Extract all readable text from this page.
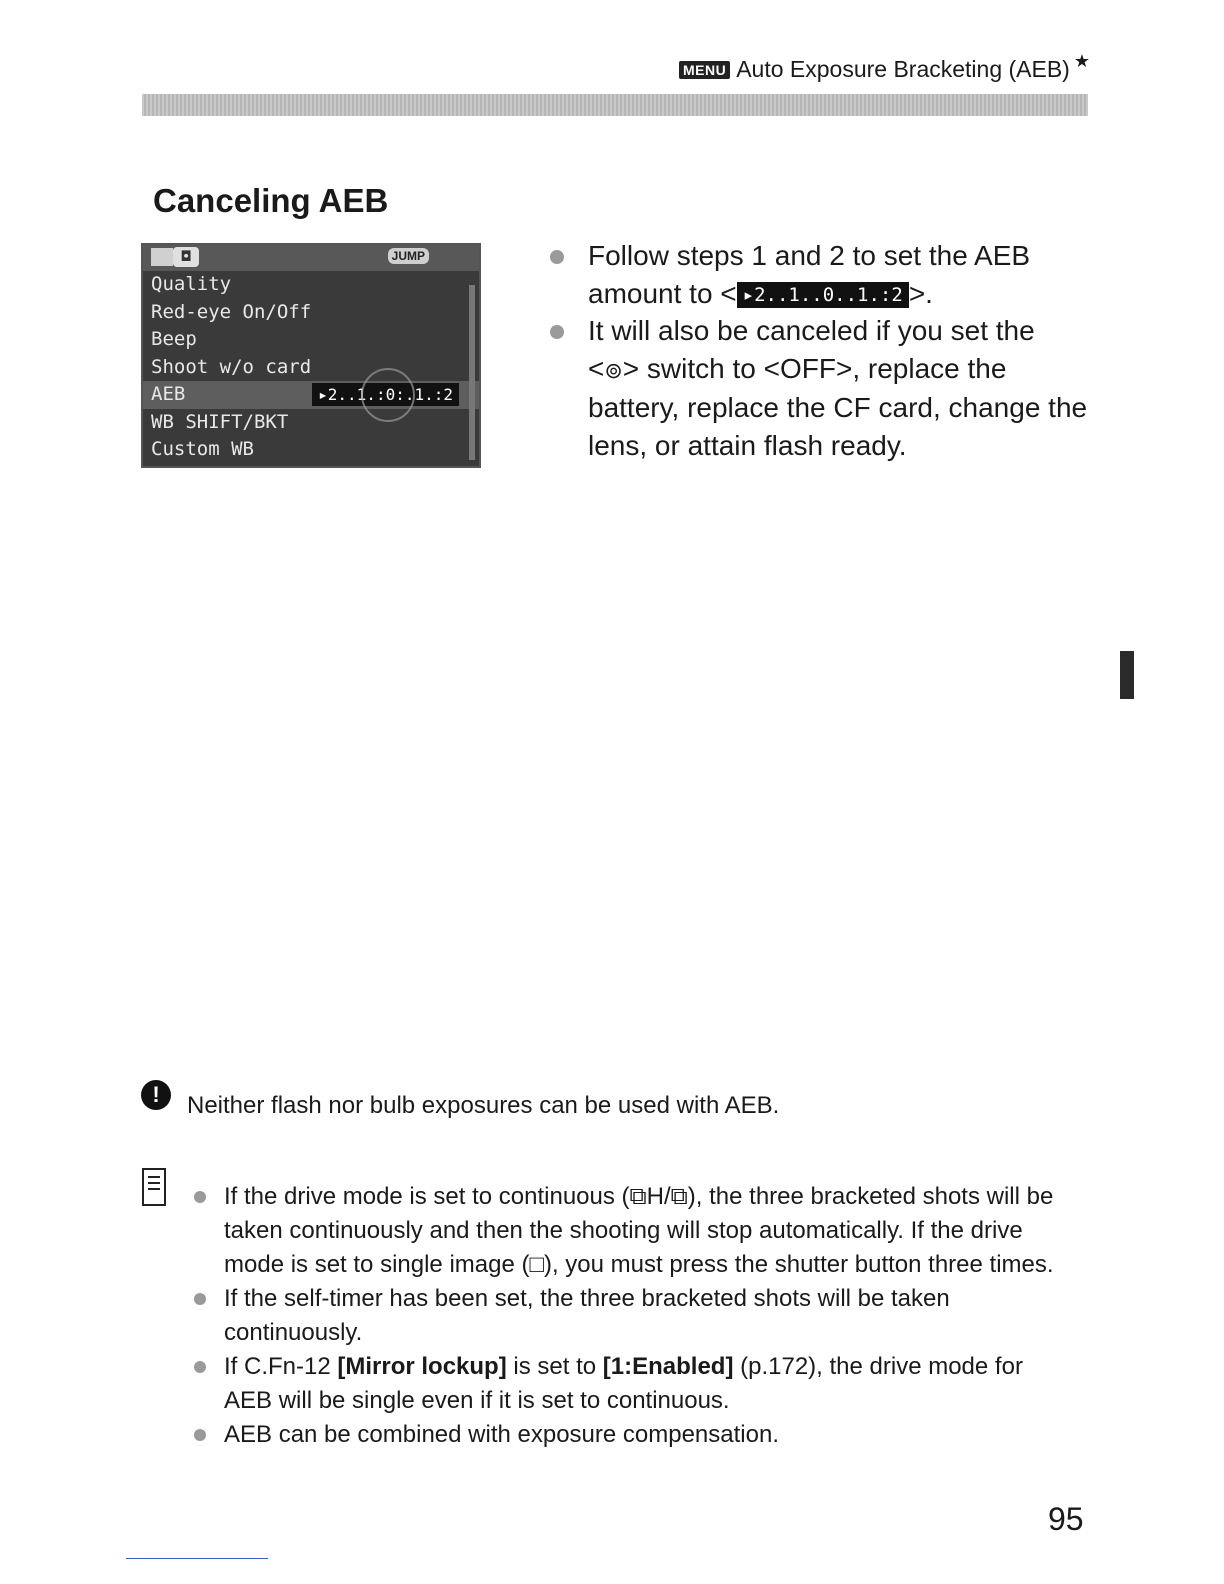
MENU Auto Exposure Bracketing (AEB) ★
Canceling AEB
◘	JUMP
Quality
Red-eye On/Off
Beep
Shoot w/o card
AEB	▸2..1.:0:.1.:2
WB SHIFT/BKT
Custom WB
Follow steps 1 and 2 to set the AEB amount to < ▸2..1..0..1.:2 >.
It will also be canceled if you set the <⊚> switch to <OFF>, replace the battery, replace the CF card, change the lens, or attain flash ready.
!	Neither flash nor bulb exposures can be used with AEB.
If the drive mode is set to continuous (⧉H/⧉), the three bracketed shots will be taken continuously and then the shooting will stop automatically. If the drive mode is set to single image (□), you must press the shutter button three times.
If the self-timer has been set, the three bracketed shots will be taken continuously.
If C.Fn-12 [Mirror lockup] is set to [1:Enabled] (p.172), the drive mode for AEB will be single even if it is set to continuous.
AEB can be combined with exposure compensation.
95
